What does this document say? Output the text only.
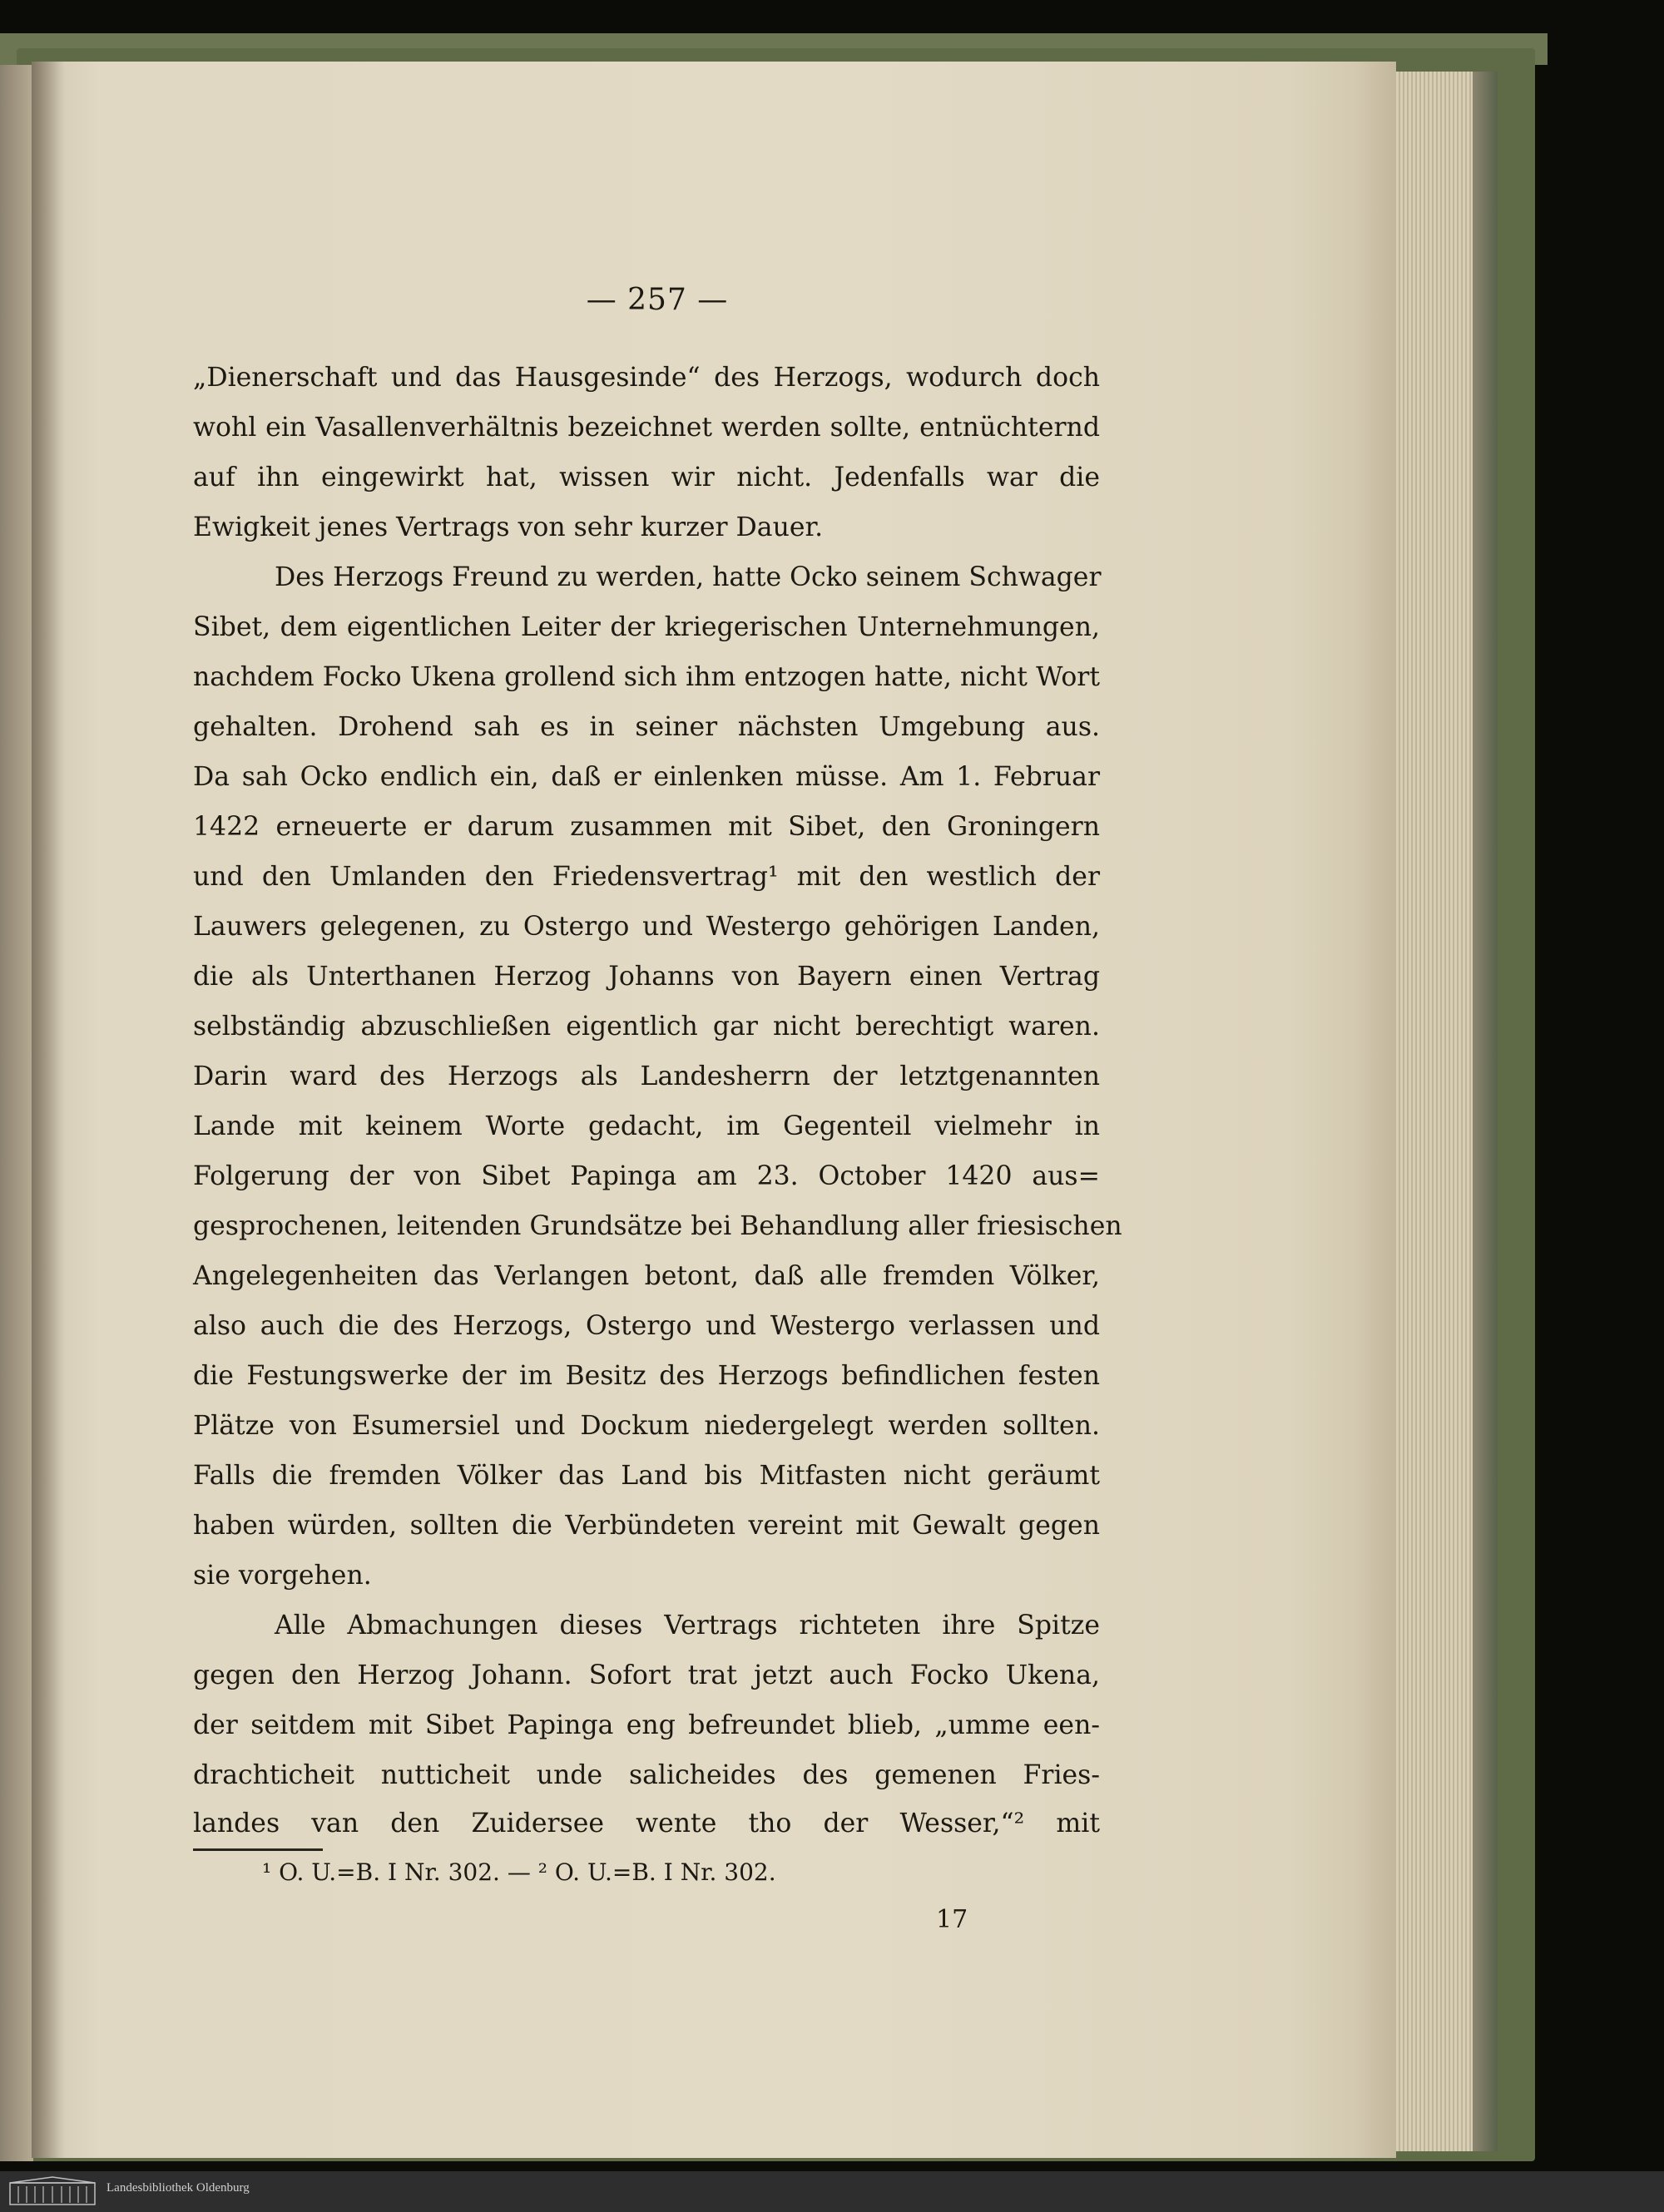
— 257 —
„Dienerschaft und das Hausgesinde“ des Herzogs, wodurch doch
wohl ein Vasallenverhältnis bezeichnet werden sollte, entnüchternd
auf ihn eingewirkt hat, wissen wir nicht. Jedenfalls war die
Ewigkeit jenes Vertrags von sehr kurzer Dauer.
Des Herzogs Freund zu werden, hatte Ocko seinem Schwager
Sibet, dem eigentlichen Leiter der kriegerischen Unternehmungen,
nachdem Focko Ukena grollend sich ihm entzogen hatte, nicht Wort
gehalten. Drohend sah es in seiner nächsten Umgebung aus.
Da sah Ocko endlich ein, daß er einlenken müsse. Am 1. Februar
1422 erneuerte er darum zusammen mit Sibet, den Groningern
und den Umlanden den Friedensvertrag¹ mit den westlich der
Lauwers gelegenen, zu Ostergo und Westergo gehörigen Landen,
die als Unterthanen Herzog Johanns von Bayern einen Vertrag
selbständig abzuschließen eigentlich gar nicht berechtigt waren.
Darin ward des Herzogs als Landesherrn der letztgenannten
Lande mit keinem Worte gedacht, im Gegenteil vielmehr in
Folgerung der von Sibet Papinga am 23. October 1420 aus=
gesprochenen, leitenden Grundsätze bei Behandlung aller friesischen
Angelegenheiten das Verlangen betont, daß alle fremden Völker,
also auch die des Herzogs, Ostergo und Westergo verlassen und
die Festungswerke der im Besitz des Herzogs befindlichen festen
Plätze von Esumersiel und Dockum niedergelegt werden sollten.
Falls die fremden Völker das Land bis Mitfasten nicht geräumt
haben würden, sollten die Verbündeten vereint mit Gewalt gegen
sie vorgehen.
Alle Abmachungen dieses Vertrags richteten ihre Spitze
gegen den Herzog Johann. Sofort trat jetzt auch Focko Ukena,
der seitdem mit Sibet Papinga eng befreundet blieb, „umme een-
drachticheit nutticheit unde salicheides des gemenen Fries-
landes van den Zuidersee wente tho der Wesser,“² mit
¹ O. U.=B. I Nr. 302. — ² O. U.=B. I Nr. 302.
17
Landesbibliothek Oldenburg
